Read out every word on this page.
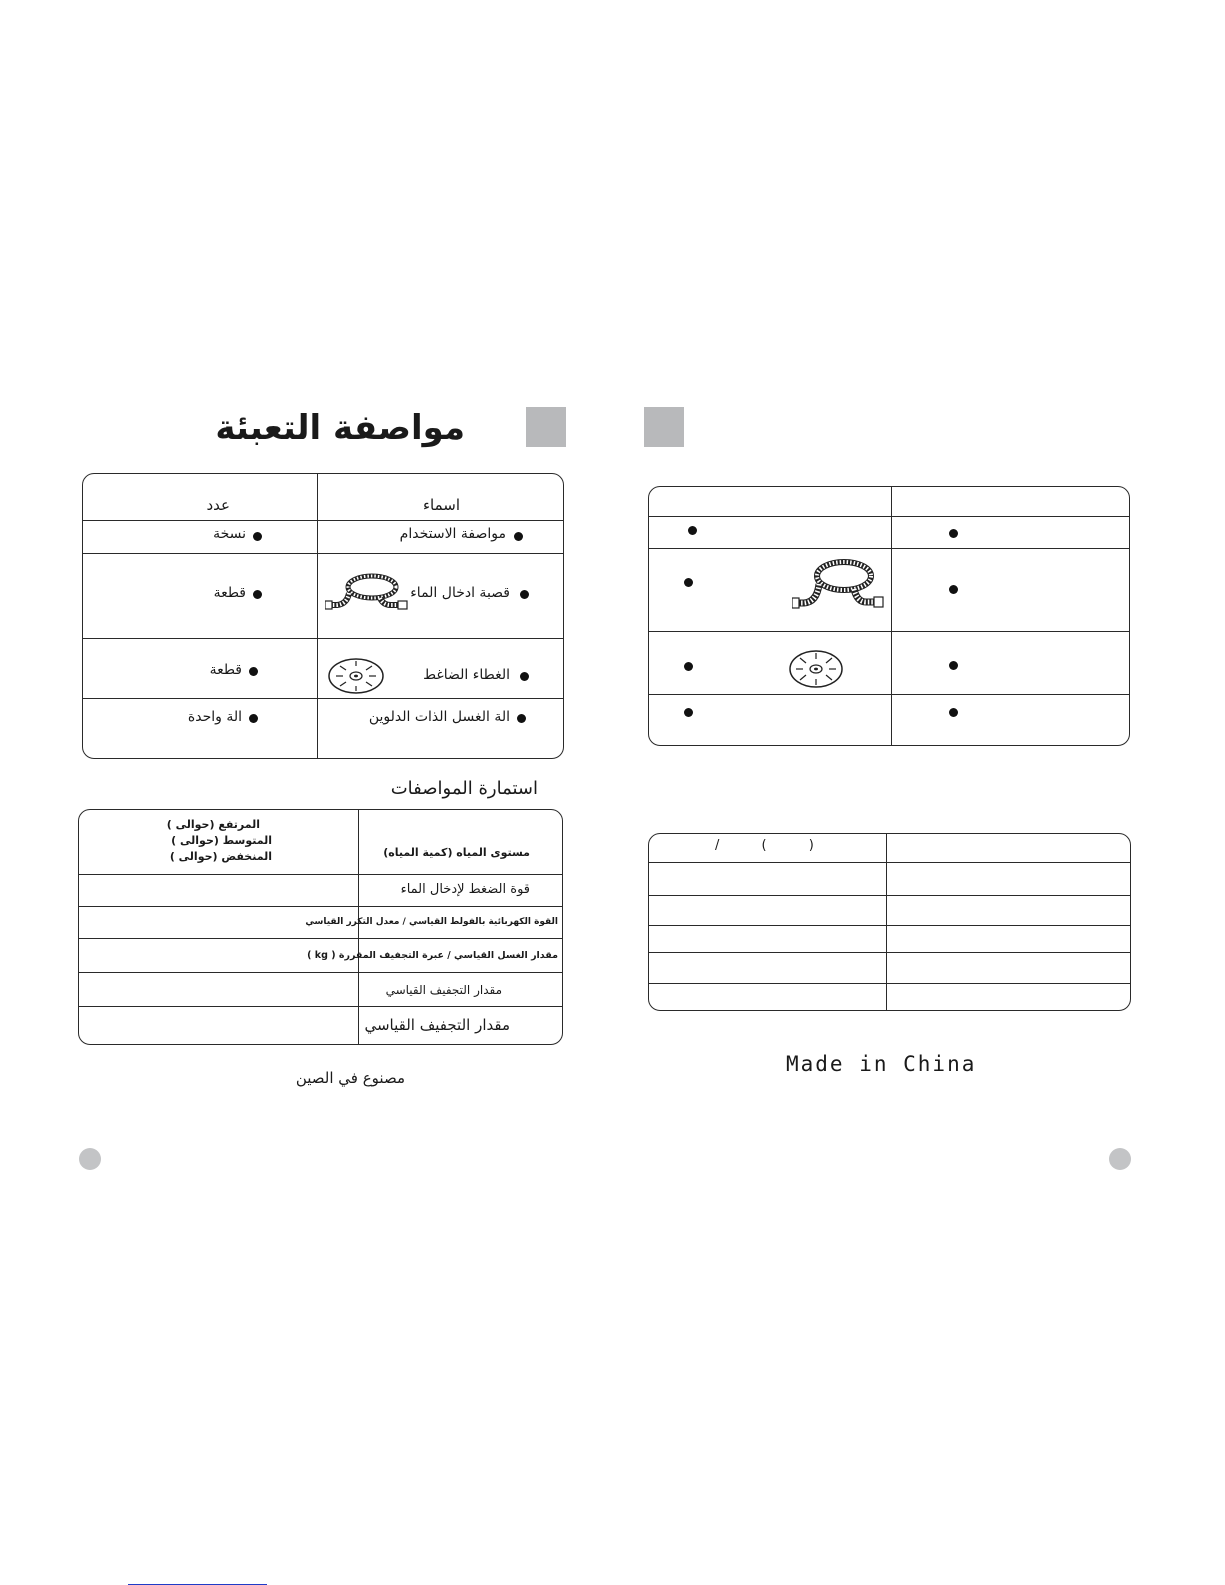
مواصفة التعبئة
اسماء
عدد
مواصفة الاستخدام
نسخة
قصبة ادخال الماء
قطعة
الغطاء الضاغط
قطعة
الة الغسل الذات الدلوين
الة واحدة
استمارة المواصفات
المرتفع (حوالى )
المتوسط (حوالى )
المنخفض (حوالى )	مستوى المياه (كمية المياه)
قوة الضغط لإدخال الماء
القوة الكهربائية بالفولط القياسي / معدل التكرر القياسي
مقدار الغسل القياسي / عبرة التجفيف المقررة ( kg )
مقدار التجفيف القياسي
مقدار التجفيف القياسي
مصنوع في الصين
/ ( )
Made in China
